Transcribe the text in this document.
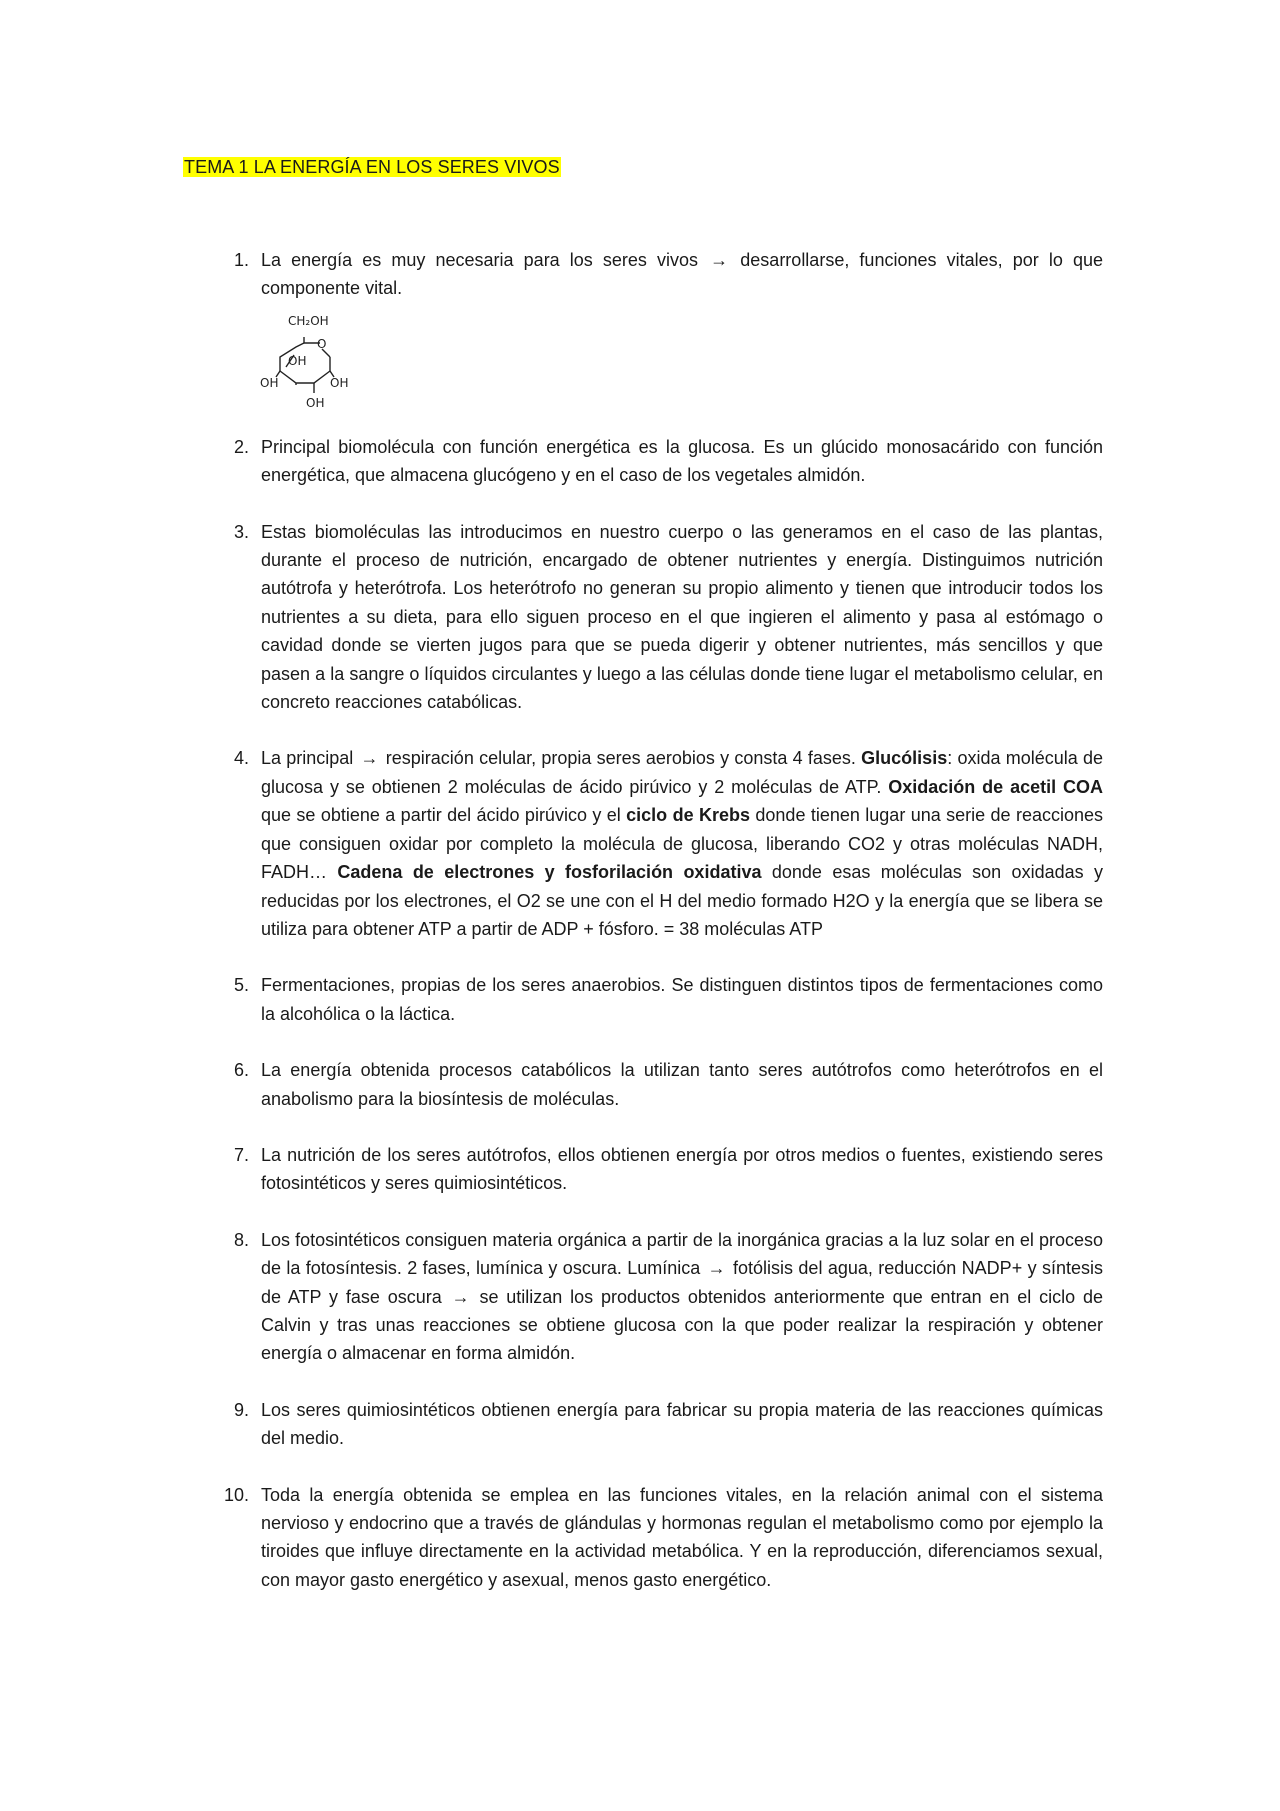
TEMA 1 LA ENERGÍA EN LOS SERES VIVOS
1. La energía es muy necesaria para los seres vivos → desarrollarse, funciones vitales, por lo que componente vital.
CH₂OH
O
OH
OH	OH
OH
2. Principal biomolécula con función energética es la glucosa. Es un glúcido monosacárido con función energética, que almacena glucógeno y en el caso de los vegetales almidón.
3. Estas biomoléculas las introducimos en nuestro cuerpo o las generamos en el caso de las plantas, durante el proceso de nutrición, encargado de obtener nutrientes y energía. Distinguimos nutrición autótrofa y heterótrofa. Los heterótrofo no generan su propio alimento y tienen que introducir todos los nutrientes a su dieta, para ello siguen proceso en el que ingieren el alimento y pasa al estómago o cavidad donde se vierten jugos para que se pueda digerir y obtener nutrientes, más sencillos y que pasen a la sangre o líquidos circulantes y luego a las células donde tiene lugar el metabolismo celular, en concreto reacciones catabólicas.
4. La principal → respiración celular, propia seres aerobios y consta 4 fases. Glucólisis: oxida molécula de glucosa y se obtienen 2 moléculas de ácido pirúvico y 2 moléculas de ATP. Oxidación de acetil COA que se obtiene a partir del ácido pirúvico y el ciclo de Krebs donde tienen lugar una serie de reacciones que consiguen oxidar por completo la molécula de glucosa, liberando CO2 y otras moléculas NADH, FADH… Cadena de electrones y fosforilación oxidativa donde esas moléculas son oxidadas y reducidas por los electrones, el O2 se une con el H del medio formado H2O y la energía que se libera se utiliza para obtener ATP a partir de ADP + fósforo. = 38 moléculas ATP
5. Fermentaciones, propias de los seres anaerobios. Se distinguen distintos tipos de fermentaciones como la alcohólica o la láctica.
6. La energía obtenida procesos catabólicos la utilizan tanto seres autótrofos como heterótrofos en el anabolismo para la biosíntesis de moléculas.
7. La nutrición de los seres autótrofos, ellos obtienen energía por otros medios o fuentes, existiendo seres fotosintéticos y seres quimiosintéticos.
8. Los fotosintéticos consiguen materia orgánica a partir de la inorgánica gracias a la luz solar en el proceso de la fotosíntesis. 2 fases, lumínica y oscura. Lumínica → fotólisis del agua, reducción NADP+ y síntesis de ATP y fase oscura → se utilizan los productos obtenidos anteriormente que entran en el ciclo de Calvin y tras unas reacciones se obtiene glucosa con la que poder realizar la respiración y obtener energía o almacenar en forma almidón.
9. Los seres quimiosintéticos obtienen energía para fabricar su propia materia de las reacciones químicas del medio.
10. Toda la energía obtenida se emplea en las funciones vitales, en la relación animal con el sistema nervioso y endocrino que a través de glándulas y hormonas regulan el metabolismo como por ejemplo la tiroides que influye directamente en la actividad metabólica. Y en la reproducción, diferenciamos sexual, con mayor gasto energético y asexual, menos gasto energético.
